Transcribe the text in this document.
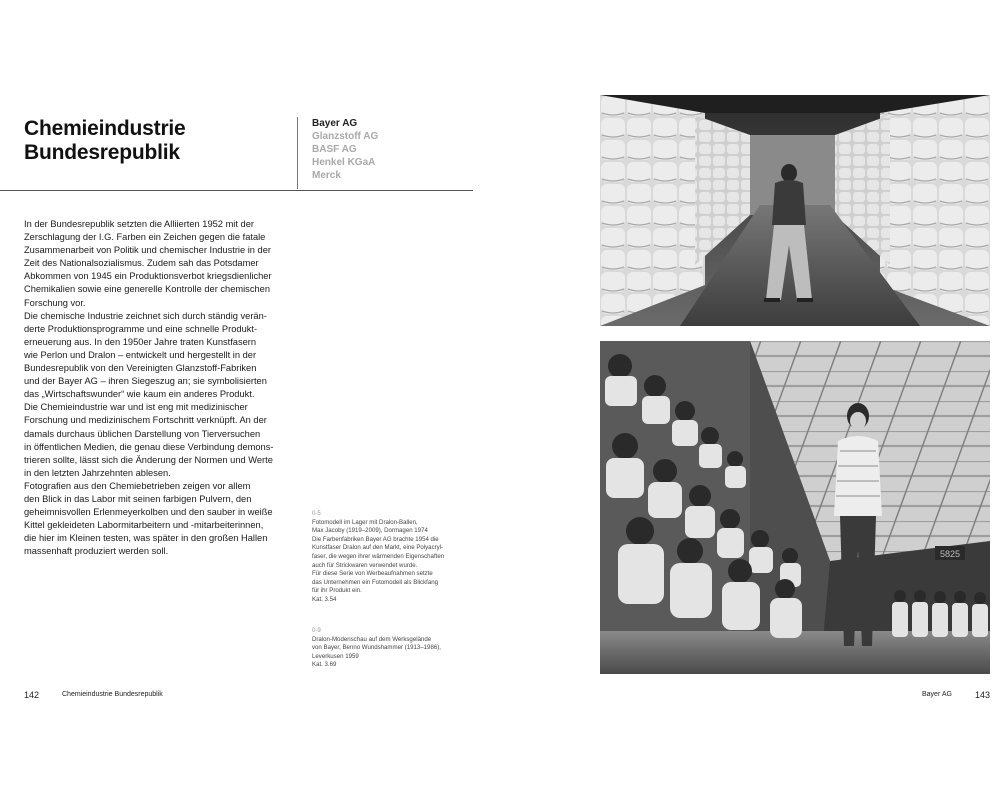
Chemieindustrie
Bundesrepublik
Bayer AG
Glanzstoff AG
BASF AG
Henkel KGaA
Merck
In der Bundesrepublik setzten die Alliierten 1952 mit der
Zerschlagung der I.G. Farben ein Zeichen gegen die fatale
Zusammenarbeit von Politik und chemischer Industrie in der
Zeit des Nationalsozialismus. Zudem sah das Potsdamer
Abkommen von 1945 ein Produktionsverbot kriegsdienlicher
Chemikalien sowie eine generelle Kontrolle der chemischen
Forschung vor.
Die chemische Industrie zeichnet sich durch ständig verän-
derte Produktionsprogramme und eine schnelle Produkt-
erneuerung aus. In den 1950er Jahre traten Kunstfasern
wie Perlon und Dralon – entwickelt und hergestellt in der
Bundesrepublik von den Vereinigten Glanzstoff-Fabriken
und der Bayer AG – ihren Siegeszug an; sie symbolisierten
das „Wirtschaftswunder“ wie kaum ein anderes Produkt.
Die Chemieindustrie war und ist eng mit medizinischer
Forschung und medizinischem Fortschritt verknüpft. An der
damals durchaus üblichen Darstellung von Tierversuchen
in öffentlichen Medien, die genau diese Verbindung demons-
trieren sollte, lässt sich die Änderung der Normen und Werte
in den letzten Jahrzehnten ablesen.
Fotografien aus den Chemiebetrieben zeigen vor allem
den Blick in das Labor mit seinen farbigen Pulvern, den
geheimnisvollen Erlenmeyerkolben und den sauber in weiße
Kittel gekleideten Labormitarbeitern und -mitarbeiterinnen,
die hier im Kleinen testen, was später in den großen Hallen
massenhaft produziert werden soll.
0-5
Fotomodell im Lager mit Dralon-Ballen,
Max Jacoby (1919–2009), Dormagen 1974
Die Farbenfabriken Bayer AG brachte 1954 die
Kunstfaser Dralon auf den Markt, eine Polyacryl-
faser, die wegen ihrer wärmenden Eigenschaften
auch für Strickwaren verwendet wurde.
Für diese Serie von Werbeaufnahmen setzte
das Unternehmen ein Fotomodell als Blickfang
für ihr Produkt ein.
Kat. 3.54
0-9
Dralon-Modenschau auf dem Werksgelände
von Bayer, Benno Wundshammer (1913–1986),
Leverkusen 1959
Kat. 3.69
142	Chemieindustrie Bundesrepublik	Bayer AG	143
5825
